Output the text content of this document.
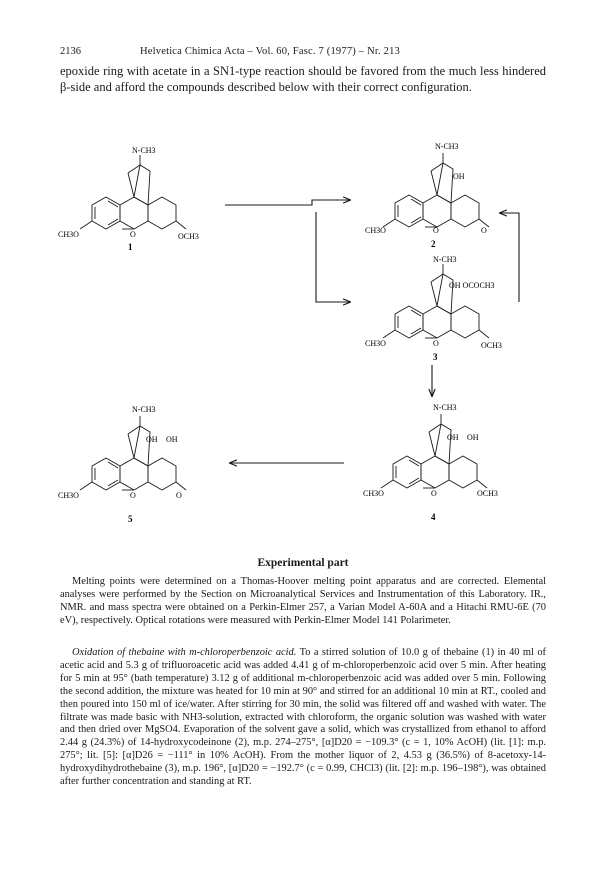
2136	Helvetica Chimica Acta – Vol. 60, Fasc. 7 (1977) – Nr. 213
epoxide ring with acetate in a SN1-type reaction should be favored from the much less hindered β-side and afford the compounds described below with their correct configuration.
N-CH3
CH3O	O	OCH3
1
N-CH3
OH
CH3O	O	O
2
N-CH3
OH OCOCH3
CH3O	O	OCH3
3
N-CH3
OH OH
CH3O	O	OCH3
4
N-CH3
OH OH
CH3O	O	O
5
Experimental part
Melting points were determined on a Thomas-Hoover melting point apparatus and are corrected. Elemental analyses were performed by the Section on Microanalytical Services and Instrumentation of this Laboratory. IR., NMR. and mass spectra were obtained on a Perkin-Elmer 257, a Varian Model A-60A and a Hitachi RMU-6E (70 eV), respectively. Optical rotations were measured with Perkin-Elmer Model 141 Polarimeter.
Oxidation of thebaine with m-chloroperbenzoic acid. To a stirred solution of 10.0 g of thebaine (1) in 40 ml of acetic acid and 5.3 g of trifluoroacetic acid was added 4.41 g of m-chloroperbenzoic acid over 5 min. After heating for 5 min at 95° (bath temperature) 3.12 g of additional m-chloroperbenzoic acid was added over 5 min. Following the second addition, the mixture was heated for 10 min at 90° and stirred for an additional 10 min at RT., cooled and then poured into 150 ml of ice/water. After stirring for 30 min, the solid was filtered off and washed with water. The filtrate was made basic with NH3-solution, extracted with chloroform, the organic solution was washed with water and then dried over MgSO4. Evaporation of the solvent gave a solid, which was crystallized from ethanol to afford 2.44 g (24.3%) of 14-hydroxycodeinone (2), m.p. 274–275°, [α]D20 = −109.3° (c = 1, 10% AcOH) (lit. [1]: m.p. 275°; lit. [5]: [α]D26 = −111° in 10% AcOH). From the mother liquor of 2, 4.53 g (36.5%) of 8-acetoxy-14-hydroxydihydrothebaine (3), m.p. 196°, [α]D20 = −192.7° (c = 0.99, CHCl3) (lit. [2]: m.p. 196–198°), was obtained after further concentration and standing at RT.
